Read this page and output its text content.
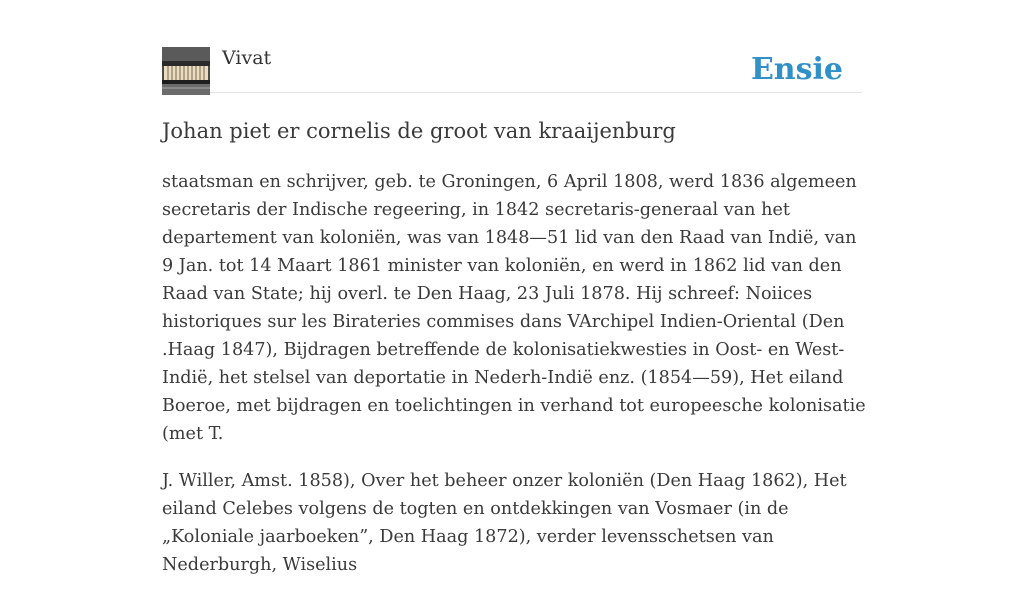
Vivat	Ensie
Johan piet er cornelis de groot van kraaijenburg

staatsman en schrijver, geb. te Groningen, 6 April 1808, werd 1836 algemeen secretaris der Indische regeering, in 1842 secretaris-generaal van het departement van koloniën, was van 1848—51 lid van den Raad van Indië, van 9 Jan. tot 14 Maart 1861 minister van koloniën, en werd in 1862 lid van den Raad van State; hij overl. te Den Haag, 23 Juli 1878. Hij schreef: Noiices historiques sur les Birateries commises dans VArchipel Indien-Oriental (Den .Haag 1847), Bijdragen betreffende de kolonisatiekwesties in Oost- en West-Indië, het stelsel van deportatie in Nederh-Indië enz. (1854—59), Het eiland Boeroe, met bijdragen en toelichtingen in verhand tot europeesche kolonisatie (met T.

J. Willer, Amst. 1858), Over het beheer onzer koloniën (Den Haag 1862), Het eiland Celebes volgens de togten en ontdekkingen van Vosmaer (in de „Koloniale jaarboeken”, Den Haag 1872), verder levensschetsen van Nederburgh, Wiselius
